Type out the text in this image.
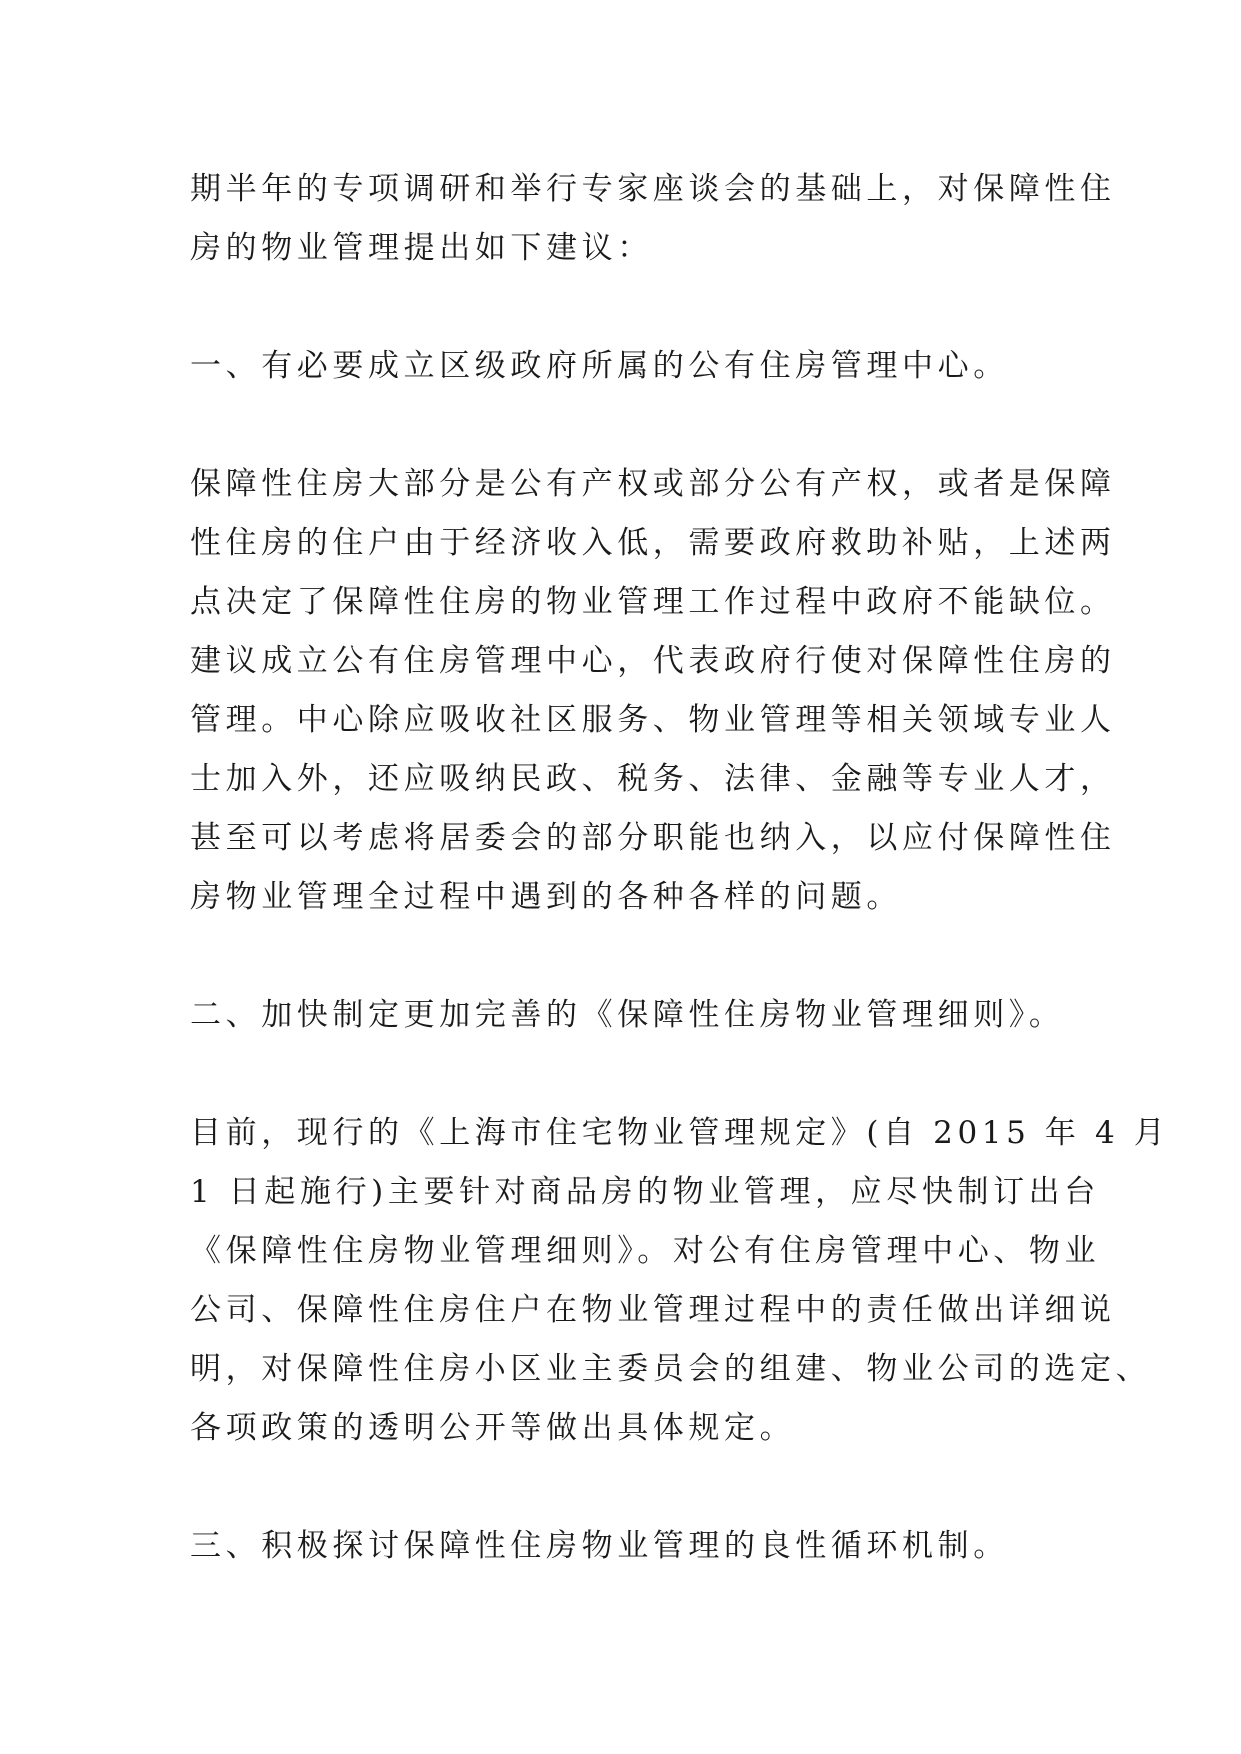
期半年的专项调研和举行专家座谈会的基础上，对保障性住
房的物业管理提出如下建议：
一、有必要成立区级政府所属的公有住房管理中心。
保障性住房大部分是公有产权或部分公有产权，或者是保障
性住房的住户由于经济收入低，需要政府救助补贴，上述两
点决定了保障性住房的物业管理工作过程中政府不能缺位。
建议成立公有住房管理中心，代表政府行使对保障性住房的
管理。中心除应吸收社区服务、物业管理等相关领域专业人
士加入外，还应吸纳民政、税务、法律、金融等专业人才，
甚至可以考虑将居委会的部分职能也纳入，以应付保障性住
房物业管理全过程中遇到的各种各样的问题。
二、加快制定更加完善的《保障性住房物业管理细则》。
目前，现行的《上海市住宅物业管理规定》(自 2015 年 4 月
1 日起施行)主要针对商品房的物业管理，应尽快制订出台
《保障性住房物业管理细则》。对公有住房管理中心、物业
公司、保障性住房住户在物业管理过程中的责任做出详细说
明，对保障性住房小区业主委员会的组建、物业公司的选定、
各项政策的透明公开等做出具体规定。
三、积极探讨保障性住房物业管理的良性循环机制。
